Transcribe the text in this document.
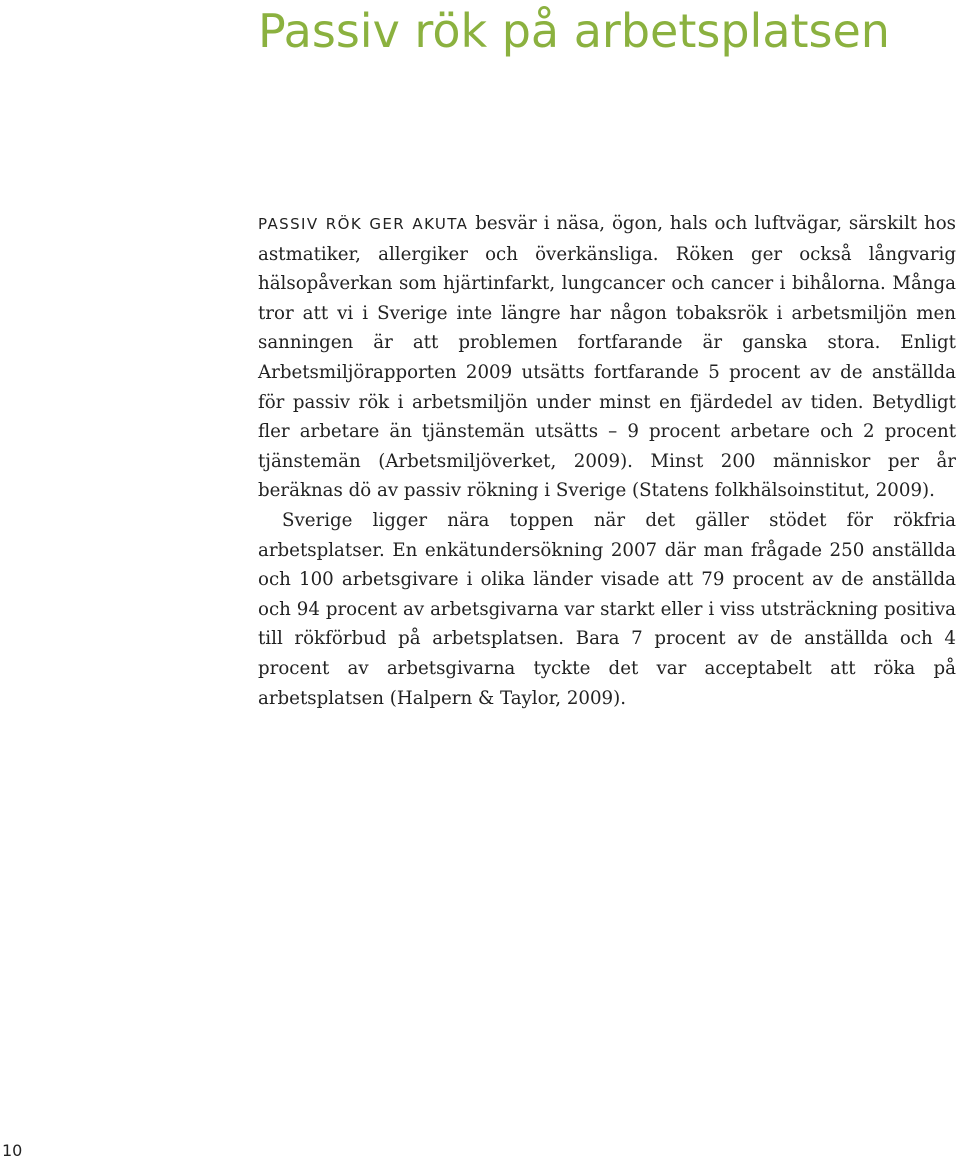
Passiv rök på arbetsplatsen

PASSIV RÖK GER AKUTA besvär i näsa, ögon, hals och luftvägar, särskilt hos astmatiker, allergiker och överkänsliga. Röken ger också långvarig hälsopåverkan som hjärtinfarkt, lungcancer och cancer i bihålorna. Många tror att vi i Sverige inte längre har någon tobaksrök i arbetsmiljön men sanningen är att problemen fortfarande är ganska stora. Enligt Arbetsmiljörapporten 2009 utsätts fortfarande 5 procent av de anställda för passiv rök i arbetsmiljön under minst en fjärdedel av tiden. Betydligt fler arbetare än tjänstemän utsätts – 9 procent arbetare och 2 procent tjänstemän (Arbetsmiljöverket, 2009). Minst 200 människor per år beräknas dö av passiv rökning i Sverige (Statens folkhälsoinstitut, 2009).

Sverige ligger nära toppen när det gäller stödet för rökfria arbetsplatser. En enkätundersökning 2007 där man frågade 250 anställda och 100 arbetsgivare i olika länder visade att 79 procent av de anställda och 94 procent av arbetsgivarna var starkt eller i viss utsträckning positiva till rökförbud på arbetsplatsen. Bara 7 procent av de anställda och 4 procent av arbetsgivarna tyckte det var acceptabelt att röka på arbetsplatsen (Halpern & Taylor, 2009).

10
